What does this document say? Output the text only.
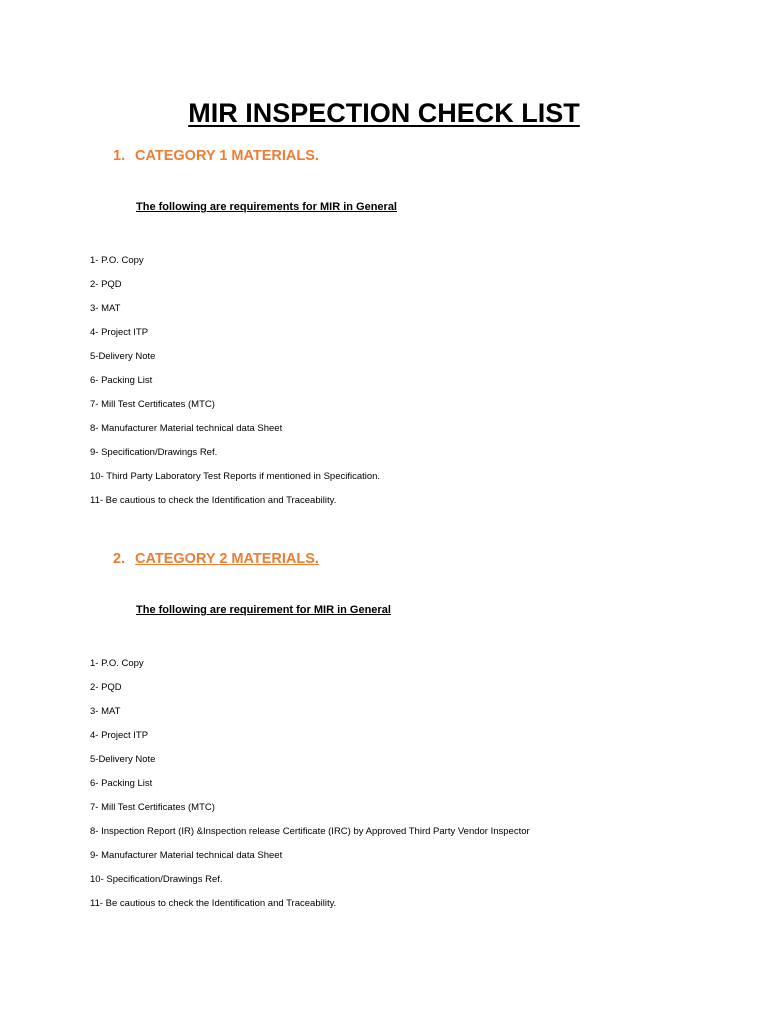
MIR INSPECTION CHECK LIST
1. CATEGORY 1 MATERIALS.

The following are requirements for MIR in General

1- P.O. Copy
2- PQD
3- MAT
4- Project ITP
5-Delivery Note
6- Packing List
7- Mill Test Certificates (MTC)
8- Manufacturer Material technical data Sheet
9- Specification/Drawings Ref.
10- Third Party Laboratory Test Reports if mentioned in Specification.
11- Be cautious to check the Identification and Traceability.
2. CATEGORY 2 MATERIALS.

The following are requirement for MIR in General

1- P.O. Copy
2- PQD
3- MAT
4- Project ITP
5-Delivery Note
6- Packing List
7- Mill Test Certificates (MTC)
8- Inspection Report (IR) &Inspection release Certificate (IRC) by Approved Third Party Vendor Inspector
9- Manufacturer Material technical data Sheet
10- Specification/Drawings Ref.
11- Be cautious to check the Identification and Traceability.
